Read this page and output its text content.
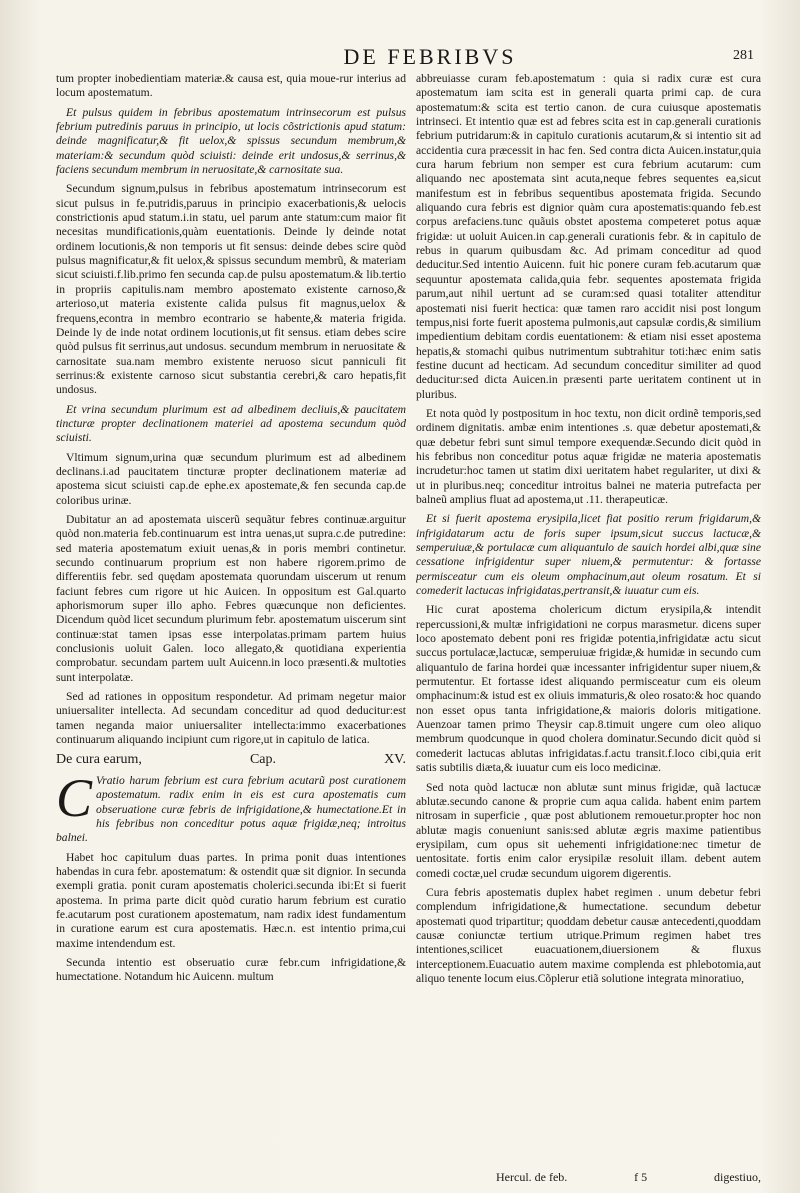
DE FEBRIBVS	281

tum propter inobedientiam materiæ.& causa est, quia moue-rur interius ad locum apostematum.

Et pulsus quidem in febribus apostematum intrinsecorum est pulsus febrium putredinis paruus in principio, ut locis cõstrictionis apud statum: deinde magnificatur,& fit uelox,& spissus secundum membrum,& materiam:& secundum quòd sciuisti: deinde erit undosus,& serrinus,& faciens secundum membrum in neruositate,& carnositate sua.

Secundum signum,pulsus in febribus apostematum intrinsecorum est sicut pulsus in fe.putridis,paruus in principio exacerbationis,& uelocis constrictionis apud statum.i.in statu, uel parum ante statum:cum maior fit necesitas mundificationis,quàm euentationis. Deinde ly deinde notat ordinem locutionis,& non temporis ut fit sensus: deinde debes scire quòd pulsus magnificatur,& fit uelox,& spissus secundum membrũ, & materiam sicut sciuisti.f.lib.primo fen secunda cap.de pulsu apostematum.& lib.tertio in propriis capitulis.nam membro apostemato existente carnoso,& arterioso,ut materia existente calida pulsus fit magnus,uelox & frequens,econtra in membro econtrario se habente,& materia frigida. Deinde ly de inde notat ordinem locutionis,ut fit sensus. etiam debes scire quòd pulsus fit serrinus,aut undosus. secundum membrum in neruositate & carnositate sua.nam membro existente neruoso sicut panniculi fit serrinus:& existente carnoso sicut substantia cerebri,& caro hepatis,fit undosus.

Et vrina secundum plurimum est ad albedinem decliuis,& paucitatem tincturæ propter declinationem materiei ad apostema secundum quòd sciuisti.

Vltimum signum,urina quæ secundum plurimum est ad albedinem declinans.i.ad paucitatem tincturæ propter declinationem materiæ ad apostema sicut sciuisti cap.de ephe.ex apostemate,& fen secunda cap.de coloribus urinæ.

Dubitatur an ad apostemata uiscerũ sequãtur febres continuæ.arguitur quòd non.materia feb.continuarum est intra uenas,ut supra.c.de putredine: sed materia apostematum exiuit uenas,& in poris membri continetur. secundo continuarum proprium est non habere rigorem.primo de differentiis febr. sed quędam apostemata quorundam uiscerum ut renum faciunt febres cum rigore ut hic Auicen. In oppositum est Gal.quarto aphorismorum super illo apho. Febres quæcunque non deficientes. Dicendum quòd licet secundum plurimum febr. apostematum uiscerum sint continuæ:stat tamen ipsas esse interpolatas.primam partem huius conclusionis uoluit Galen. loco allegato,& quotidiana experientia comprobatur. secundam partem uult Auicenn.in loco præsenti.& multoties sunt interpolatæ.

Sed ad rationes in oppositum respondetur. Ad primam negetur maior uniuersaliter intellecta. Ad secundam conceditur ad quod deducitur:est tamen neganda maior uniuersaliter intellecta:immo exacerbationes continuarum aliquando incipiunt cum rigore,ut in capitulo de latica.

De cura earum,	Cap.	XV.

C Vratio harum febrium est cura febrium acutarũ post curationem apostematum. radix enim in eis est cura apostematis cum obseruatione curæ febris de infrigidatione,& humectatione.Et in his febribus non conceditur potus aquæ frigidæ,neq; introitus balnei.

Habet hoc capitulum duas partes. In prima ponit duas intentiones habendas in cura febr. apostematum: & ostendit quæ sit dignior. In secunda exempli gratia. ponit curam apostematis cholerici.secunda ibi:Et si fuerit apostema. In prima parte dicit quòd curatio harum febrium est curatio fe.acutarum post curationem apostematum, nam radix idest fundamentum in curatione earum est cura apostematis. Hæc.n. est intentio prima,cui maxime intendendum est.

Secunda intentio est obseruatio curæ febr.cum infrigidatione,& humectatione. Notandum hic Auicenn. multum

abbreuiasse curam feb.apostematum : quia si radix curæ est cura apostematum iam scita est in generali quarta primi cap. de cura apostematum:& scita est tertio canon. de cura cuiusque apostematis intrinseci. Et intentio quæ est ad febres scita est in cap.generali curationis febrium putridarum:& in capitulo curationis acutarum,& si intentio sit ad accidentia cura præcessit in hac fen. Sed contra dicta Auicen.instatur,quia cura harum febrium non semper est cura febrium acutarum: cum aliquando nec apostemata sint acuta,neque febres sequentes ea,sicut manifestum est in febribus sequentibus apostemata frigida. Secundo aliquando cura febris est dignior quàm cura apostematis:quando feb.est corpus arefaciens.tunc quãuis obstet apostema competeret potus aquæ frigidæ: ut uoluit Auicen.in cap.generali curationis febr. & in capitulo de rebus in quarum quibusdam &c. Ad primam conceditur ad quod deducitur.Sed intentio Auicenn. fuit hic ponere curam feb.acutarum quæ sequuntur apostemata calida,quia febr. sequentes apostemata frigida parum,aut nihil uertunt ad se curam:sed quasi totaliter attenditur apostemati nisi fuerit hectica: quæ tamen raro accidit nisi post longum tempus,nisi forte fuerit apostema pulmonis,aut capsulæ cordis,& similium impedientium debitam cordis euentationem: & etiam nisi esset apostema hepatis,& stomachi quibus nutrimentum subtrahitur toti:hæc enim satis festine ducunt ad hecticam. Ad secundum conceditur similiter ad quod deducitur:sed dicta Auicen.in præsenti parte ueritatem continent ut in pluribus.

Et nota quòd ly postpositum in hoc textu, non dicit ordinẽ temporis,sed ordinem dignitatis. ambæ enim intentiones .s. quæ debetur apostemati,& quæ debetur febri sunt simul tempore exequendæ.Secundo dicit quòd in his febribus non conceditur potus aquæ frigidæ ne materia apostematis incrudetur:hoc tamen ut statim dixi ueritatem habet regulariter, ut dixi & ut in pluribus.neq; conceditur introitus balnei ne materia putrefacta per balneũ amplius fluat ad apostema,ut .11. therapeuticæ.

Et si fuerit apostema erysipila,licet fiat positio rerum frigidarum,& infrigidatarum actu de foris super ipsum,sicut succus lactucæ,& semperuiuæ,& portulacæ cum aliquantulo de sauich hordei albi,quæ sine cessatione infrigidentur super niuem,& permutentur: & fortasse permisceatur cum eis oleum omphacinum,aut oleum rosatum. Et si comederit lactucas infrigidatas,pertransit,& iuuatur cum eis.

Hic curat apostema cholericum dictum erysipila,& intendit repercussioni,& multæ infrigidationi ne corpus marasmetur. dicens super loco apostemato debent poni res frigidæ potentia,infrigidatæ actu sicut succus portulacæ,lactucæ, semperuiuæ frigidæ,& humidæ in secundo cum aliquantulo de farina hordei quæ incessanter infrigidentur super niuem,& permutentur. Et fortasse idest aliquando permisceatur cum eis oleum omphacinum:& istud est ex oliuis immaturis,& oleo rosato:& hoc quando non esset opus tanta infrigidatione,& maioris doloris mitigatione. Auenzoar tamen primo Theysir cap.8.timuit ungere cum oleo aliquo membrum quodcunque in quod cholera dominatur.Secundo dicit quòd si comederit lactucas ablutas infrigidatas.f.actu transit.f.loco cibi,quia erit satis subtilis diæta,& iuuatur cum eis loco medicinæ.

Sed nota quòd lactucæ non ablutæ sunt minus frigidæ, quã lactucæ ablutæ.secundo canone & proprie cum aqua calida. habent enim partem nitrosam in superficie , quæ post ablutionem remouetur.propter hoc non ablutæ magis conueniunt sanis:sed ablutæ ægris maxime patientibus erysipilam, cum opus sit uehementi infrigidatione:nec timetur de uentositate. fortis enim calor erysipilæ resoluit illam. debent autem comedi coctæ,uel crudæ secundum uigorem digerentis.

Cura febris apostematis duplex habet regimen . unum debetur febri complendum infrigidatione,& humectatione. secundum debetur apostemati quod tripartitur; quoddam debetur causæ antecedenti,quoddam causæ coniunctæ tertium utrique.Primum regimen habet tres intentiones,scilicet euacuationem,diuersionem & fluxus interceptionem.Euacuatio autem maxime complenda est phlebotomia,aut aliquo tenente locum eius.Cõplerur etiã solutione integrata minoratiuo,

Hercul. de feb.	f 5	digestiuo,
